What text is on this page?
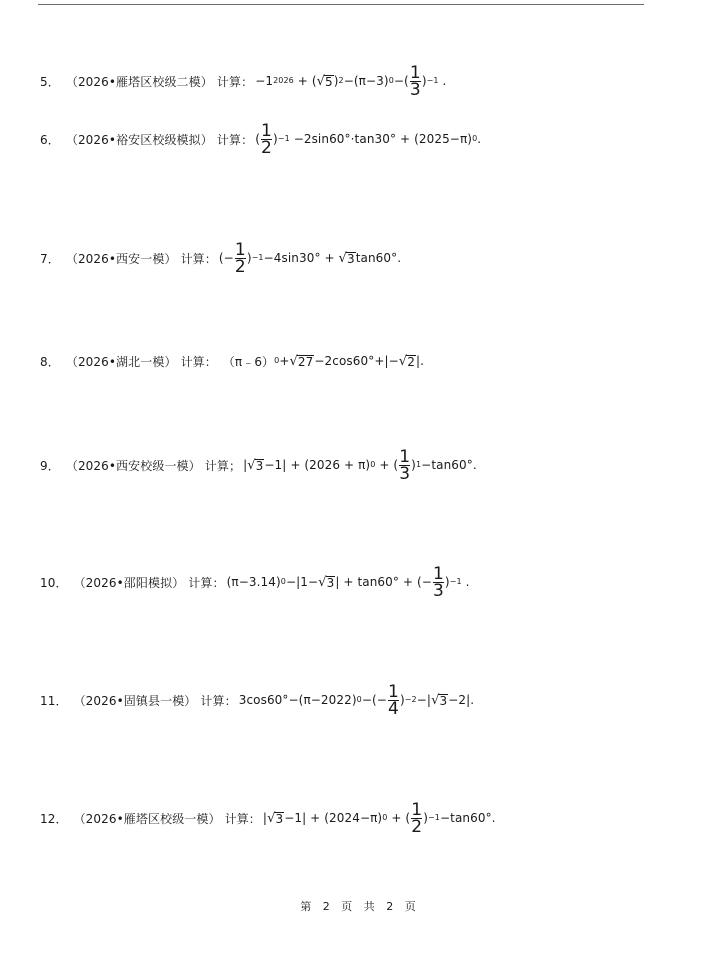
5． （2026•雁塔区校级二模） 计算： −1 2026 + ( √ 5 ) 2 −(π−3) 0 −( $\frac{1}{3}$ ) −1 .
6． （2026•裕安区校级模拟） 计算： ( $\frac{1}{2}$ ) −1 −2sin60°·tan30° + (2025−π) 0 .
7． （2026•西安一模） 计算： (− $\frac{1}{2}$ ) −1 −4sin30° + √ 3 tan60°.
8． （2026•湖北一模） 计算： （π﹣6） 0 + √ 27 −2cos60°+|− √ 2 |.
9． （2026•西安校级一模） 计算； | √ 3 −1| + (2026 + π) 0 + ( $\frac{1}{3}$ ) 1 −tan60°.
10． （2026•邵阳模拟） 计算： (π−3.14) 0 −|1− √ 3 | + tan60° + (− $\frac{1}{3}$ ) −1 .
11． （2026•固镇县一模） 计算： 3cos60°−(π−2022) 0 −(− $\frac{1}{4}$ ) −2 −| √ 3 −2|.
12． （2026•雁塔区校级一模） 计算： | √ 3 −1| + (2024−π) 0 + ( $\frac{1}{2}$ ) −1 −tan60°.
第 2 页 共 2 页
